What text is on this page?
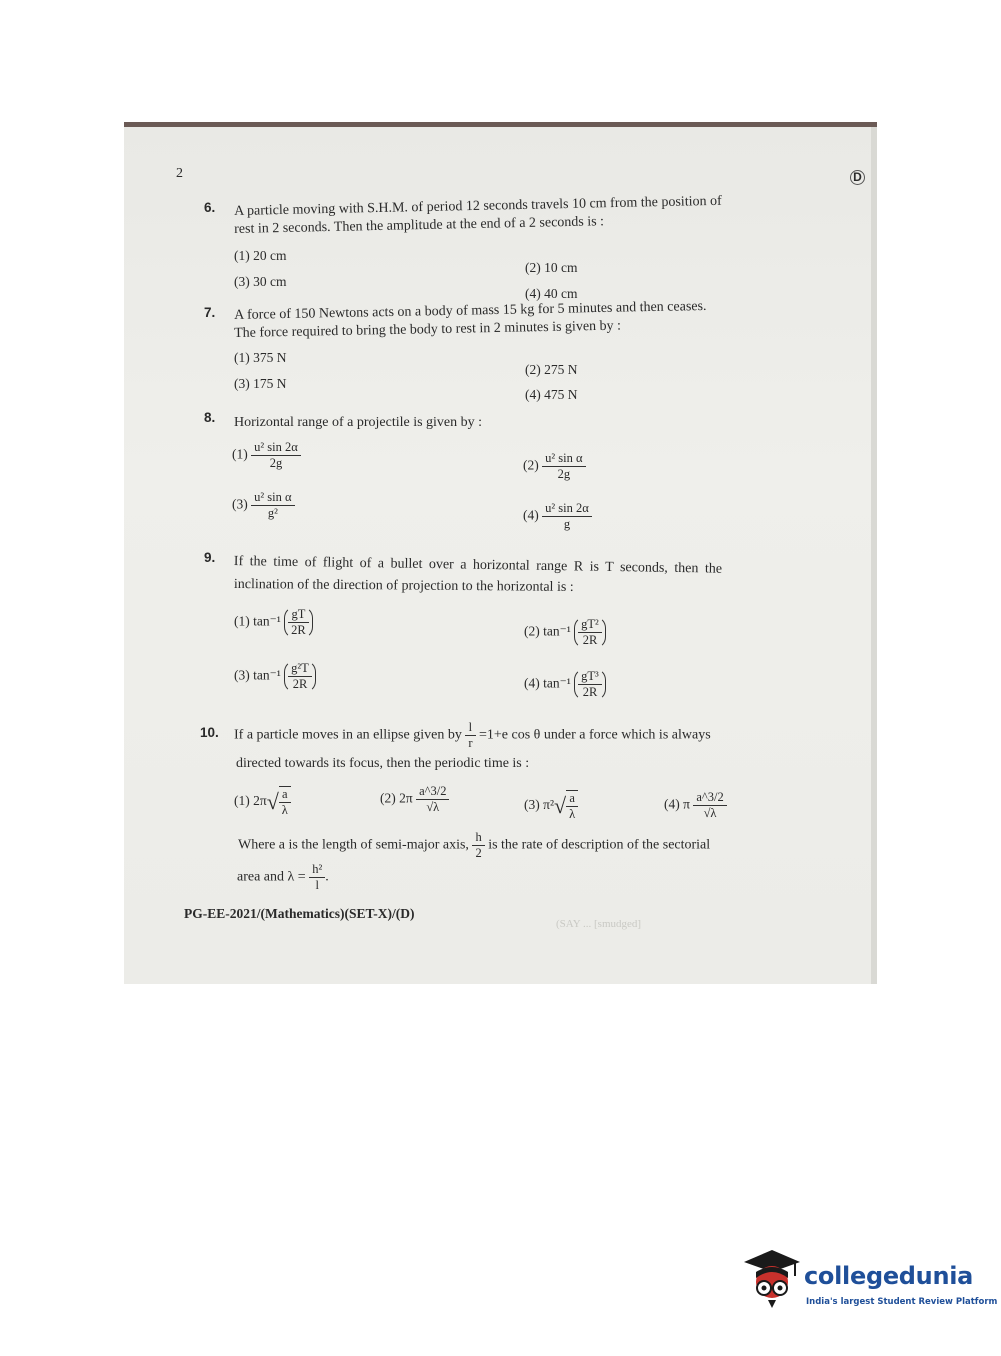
2	D
6. A particle moving with S.H.M. of period 12 seconds travels 10 cm from the position of
rest in 2 seconds. Then the amplitude at the end of a 2 seconds is :
(1) 20 cm
(2) 10 cm
(3) 30 cm
(4) 40 cm
7. A force of 150 Newtons acts on a body of mass 15 kg for 5 minutes and then ceases.
The force required to bring the body to rest in 2 minutes is given by :
(1) 375 N
(2) 275 N
(3) 175 N
(4) 475 N
8. Horizontal range of a projectile is given by :
$(1) \frac{\text{u² sin 2α}}{2g}$	$(2) \frac{\text{u² sin α}}{2g}$
$(3) \frac{\text{u² sin α}}{\text{g²}}$	$(4) \frac{\text{u² sin 2α}}{g}$
9. If the time of flight of a bullet over a horizontal range R is T seconds, then the
inclination of the direction of projection to the horizontal is :
(1) $\tan^{-1} \frac{gT}{2R}$	(2) $\tan^{-1} \frac{\text{gT²}}{2R}$
(3) $\tan^{-1} \frac{\text{g²T}}{2R}$	(4) $\tan^{-1} \frac{\text{gT³}}{2R}$
10. If a particle moves in an ellipse given by $\frac{l}{r} =1+e$ cos θ under a force which is always
directed towards its focus, then the periodic time is :
(1) $2\pi√ \frac{a}{\lambda}$	(2) $2\pi \frac{a\^{}3/2}{√\lambda}$	(3) $\pi^2√ \frac{a}{\lambda}$	(4) π $\frac{a\^{}3/2}{√\lambda}$
Where a is the length of semi-major axis, $\frac{h}{2}$ is the rate of description of the sectorial
area and $\lambda = \frac{\text{h²}}{l}$ .
PG-EE-2021/(Mathematics)(SET-X)/(D)
(SAY ... [smudged]
collegedunia
India's largest Student Review Platform
